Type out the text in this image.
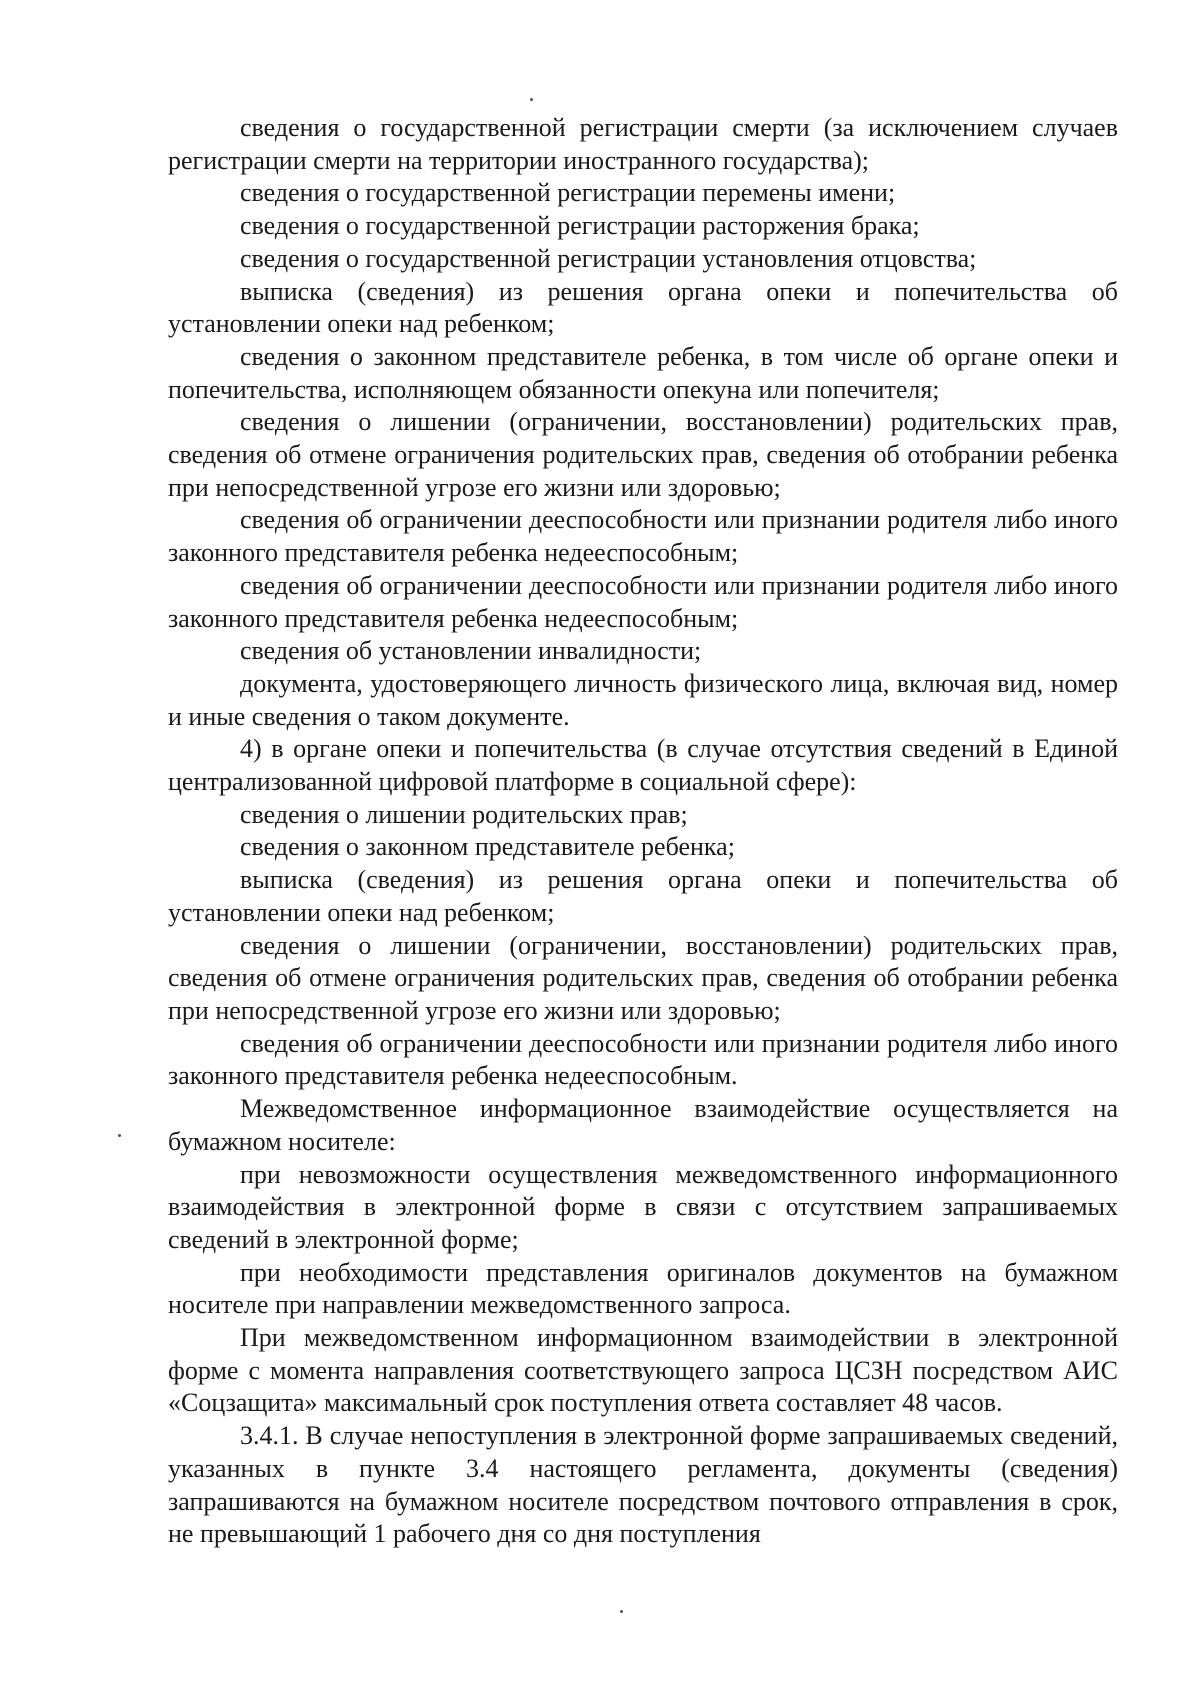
сведения о государственной регистрации смерти (за исключением случаев регистрации смерти на территории иностранного государства);

сведения о государственной регистрации перемены имени;

сведения о государственной регистрации расторжения брака;

сведения о государственной регистрации установления отцовства;

выписка (сведения) из решения органа опеки и попечительства об установлении опеки над ребенком;

сведения о законном представителе ребенка, в том числе об органе опеки и попечительства, исполняющем обязанности опекуна или попечителя;

сведения о лишении (ограничении, восстановлении) родительских прав, сведения об отмене ограничения родительских прав, сведения об отобрании ребенка при непосредственной угрозе его жизни или здоровью;

сведения об ограничении дееспособности или признании родителя либо иного законного представителя ребенка недееспособным;

сведения об ограничении дееспособности или признании родителя либо иного законного представителя ребенка недееспособным;

сведения об установлении инвалидности;

документа, удостоверяющего личность физического лица, включая вид, номер и иные сведения о таком документе.

4) в органе опеки и попечительства (в случае отсутствия сведений в Единой централизованной цифровой платформе в социальной сфере):

сведения о лишении родительских прав;

сведения о законном представителе ребенка;

выписка (сведения) из решения органа опеки и попечительства об установлении опеки над ребенком;

сведения о лишении (ограничении, восстановлении) родительских прав, сведения об отмене ограничения родительских прав, сведения об отобрании ребенка при непосредственной угрозе его жизни или здоровью;

сведения об ограничении дееспособности или признании родителя либо иного законного представителя ребенка недееспособным.

Межведомственное информационное взаимодействие осуществляется на бумажном носителе:

при невозможности осуществления межведомственного информационного взаимодействия в электронной форме в связи с отсутствием запрашиваемых сведений в электронной форме;

при необходимости представления оригиналов документов на бумажном носителе при направлении межведомственного запроса.

При межведомственном информационном взаимодействии в электронной форме с момента направления соответствующего запроса ЦСЗН посредством АИС «Соцзащита» максимальный срок поступления ответа составляет 48 часов.

3.4.1. В случае непоступления в электронной форме запрашиваемых сведений, указанных в пункте 3.4 настоящего регламента, документы (сведения) запрашиваются на бумажном носителе посредством почтового отправления в срок, не превышающий 1 рабочего дня со дня поступления
